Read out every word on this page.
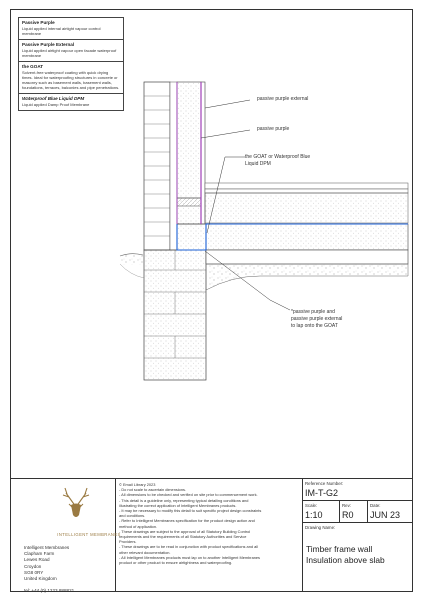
Passive Purple
Liquid applied internal airtight vapour control membrane
Passive Purple External
Liquid applied airtight vapour open facade waterproof membrane
the GOAT
Solvent-free waterproof coating with quick drying times. Ideal for waterproofing structures in concrete or masonry such as basement walls, basement walls, foundations, terraces, balconies and pipe penetrations.
Waterproof Blue Liquid DPM
Liquid applied Damp Proof Membrane
passive purple external
passive purple
the GOAT or Waterproof Blue
Liquid DPM
*passive purple and
passive purple external
to lap onto the GOAT
INTELLIGENT MEMBRANES
Intelligent Membranes
Clapham Farm
Lewes Road
Croydon
SG8 0RY
United Kingdom
tel: +44 (0) 1223 888821
© Email Library 2023
- Do not scale to ascertain dimensions.
- All dimensions to be checked and verified on site prior to commencement work.
- This detail is a guideline only, representing typical detailing conditions and
illustrating the correct application of Intelligent Membranes products.
- It may be necessary to modify this detail to suit specific project design constraints
and conditions.
- Refer to Intelligent Membranes specification for the product design action and
method of application.
- These drawings are subject to the approval of all Statutory Building Control
requirements and the requirements of all Statutory Authorities and Service
Providers.
- These drawings are to be read in conjunction with product specifications and all
other relevant documentation.
- All Intelligent Membranes products must lap on to another Intelligent Membranes
product or other product to ensure airtightness and waterproofing.
Reference Number:
IM-T-G2
Scale:
1:10
Rev:
R0
Date:
JUN 23
Drawing Name:
Timber frame wall
Insulation above slab
